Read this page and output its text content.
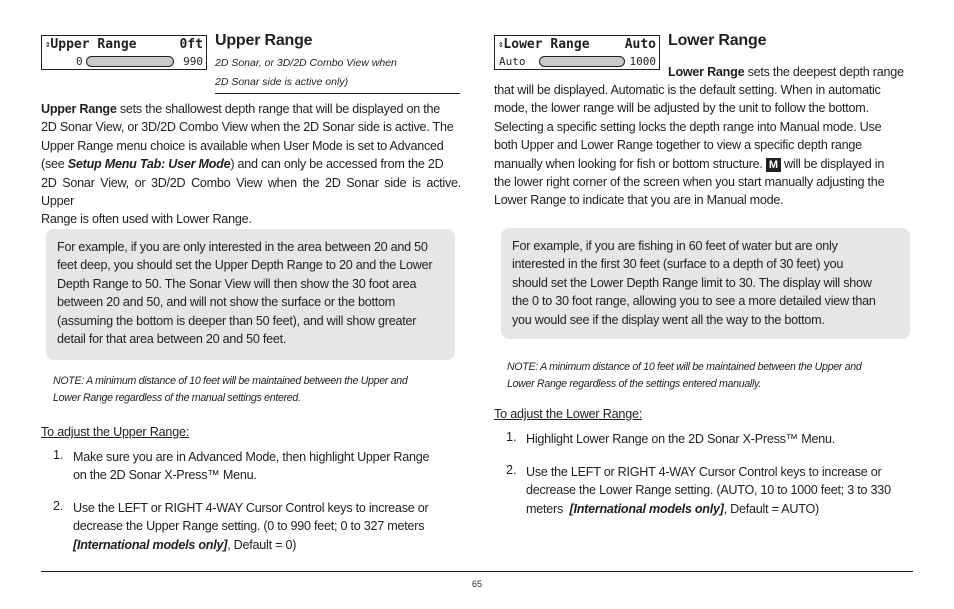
⇕Upper Range	0ft
0	990
Upper Range
2D Sonar, or 3D/2D Combo View when
2D Sonar side is active only)
Upper Range sets the shallowest depth range that will be displayed on the
2D Sonar View, or 3D/2D Combo View when the 2D Sonar side is active. The
Upper Range menu choice is available when User Mode is set to Advanced
(see Setup Menu Tab: User Mode) and can only be accessed from the 2D
2D Sonar View, or 3D/2D Combo View when the 2D Sonar side is active. Upper
Range is often used with Lower Range.
For example, if you are only interested in the area between 20 and 50
feet deep, you should set the Upper Depth Range to 20 and the Lower
Depth Range to 50. The Sonar View will then show the 30 foot area
between 20 and 50, and will not show the surface or the bottom
(assuming the bottom is deeper than 50 feet), and will show greater
detail for that area between 20 and 50 feet.
NOTE: A minimum distance of 10 feet will be maintained between the Upper and
Lower Range regardless of the manual settings entered.
To adjust the Upper Range:
1. Make sure you are in Advanced Mode, then highlight Upper Range
on the 2D Sonar X-Press™ Menu.
2. Use the LEFT or RIGHT 4-WAY Cursor Control keys to increase or
decrease the Upper Range setting. (0 to 990 feet; 0 to 327 meters
[International models only], Default = 0)
⇕Lower Range	Auto
Auto	1000
Lower Range
Lower Range sets the deepest depth range
that will be displayed. Automatic is the default setting. When in automatic
mode, the lower range will be adjusted by the unit to follow the bottom.
Selecting a specific setting locks the depth range into Manual mode. Use
both Upper and Lower Range together to view a specific depth range
manually when looking for fish or bottom structure. M will be displayed in
the lower right corner of the screen when you start manually adjusting the
Lower Range to indicate that you are in Manual mode.
For example, if you are fishing in 60 feet of water but are only
interested in the first 30 feet (surface to a depth of 30 feet) you
should set the Lower Depth Range limit to 30. The display will show
the 0 to 30 foot range, allowing you to see a more detailed view than
you would see if the display went all the way to the bottom.
NOTE: A minimum distance of 10 feet will be maintained between the Upper and
Lower Range regardless of the settings entered manually.
To adjust the Lower Range:
1. Highlight Lower Range on the 2D Sonar X-Press™ Menu.
2. Use the LEFT or RIGHT 4-WAY Cursor Control keys to increase or
decrease the Lower Range setting. (AUTO, 10 to 1000 feet; 3 to 330
meters  [International models only], Default = AUTO)
65
